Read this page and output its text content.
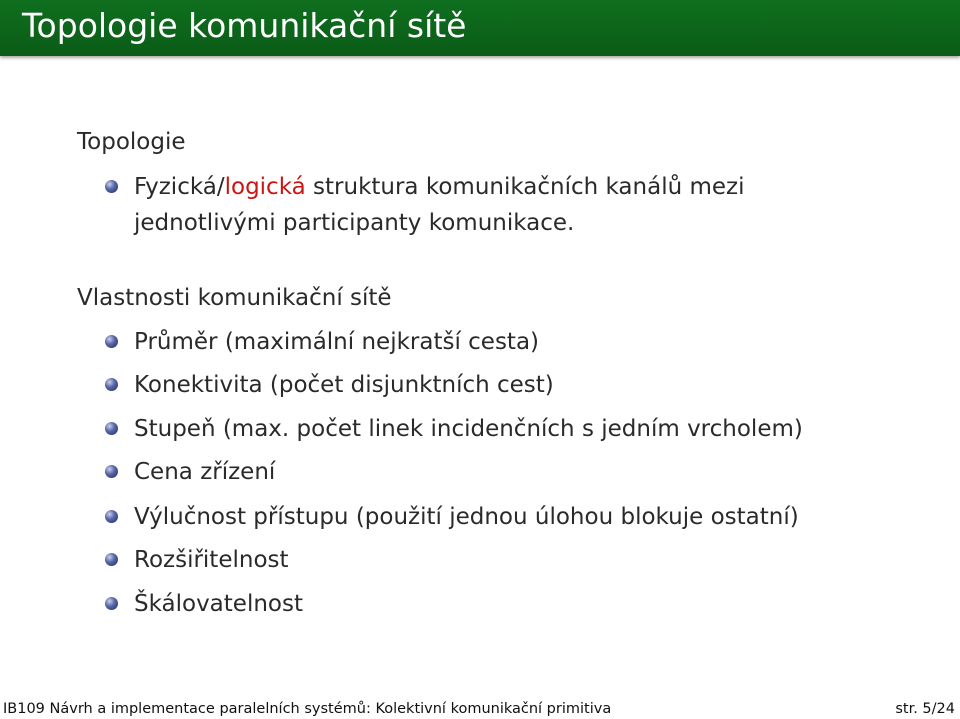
Topologie komunikační sítě
Topologie
Fyzická/logická struktura komunikačních kanálů mezi
jednotlivými participanty komunikace.
Vlastnosti komunikační sítě
Průměr (maximální nejkratší cesta)
Konektivita (počet disjunktních cest)
Stupeň (max. počet linek incidenčních s jedním vrcholem)
Cena zřízení
Výlučnost přístupu (použití jednou úlohou blokuje ostatní)
Rozšiřitelnost
Škálovatelnost
IB109 Návrh a implementace paralelních systémů: Kolektivní komunikační primitiva	str. 5/24
